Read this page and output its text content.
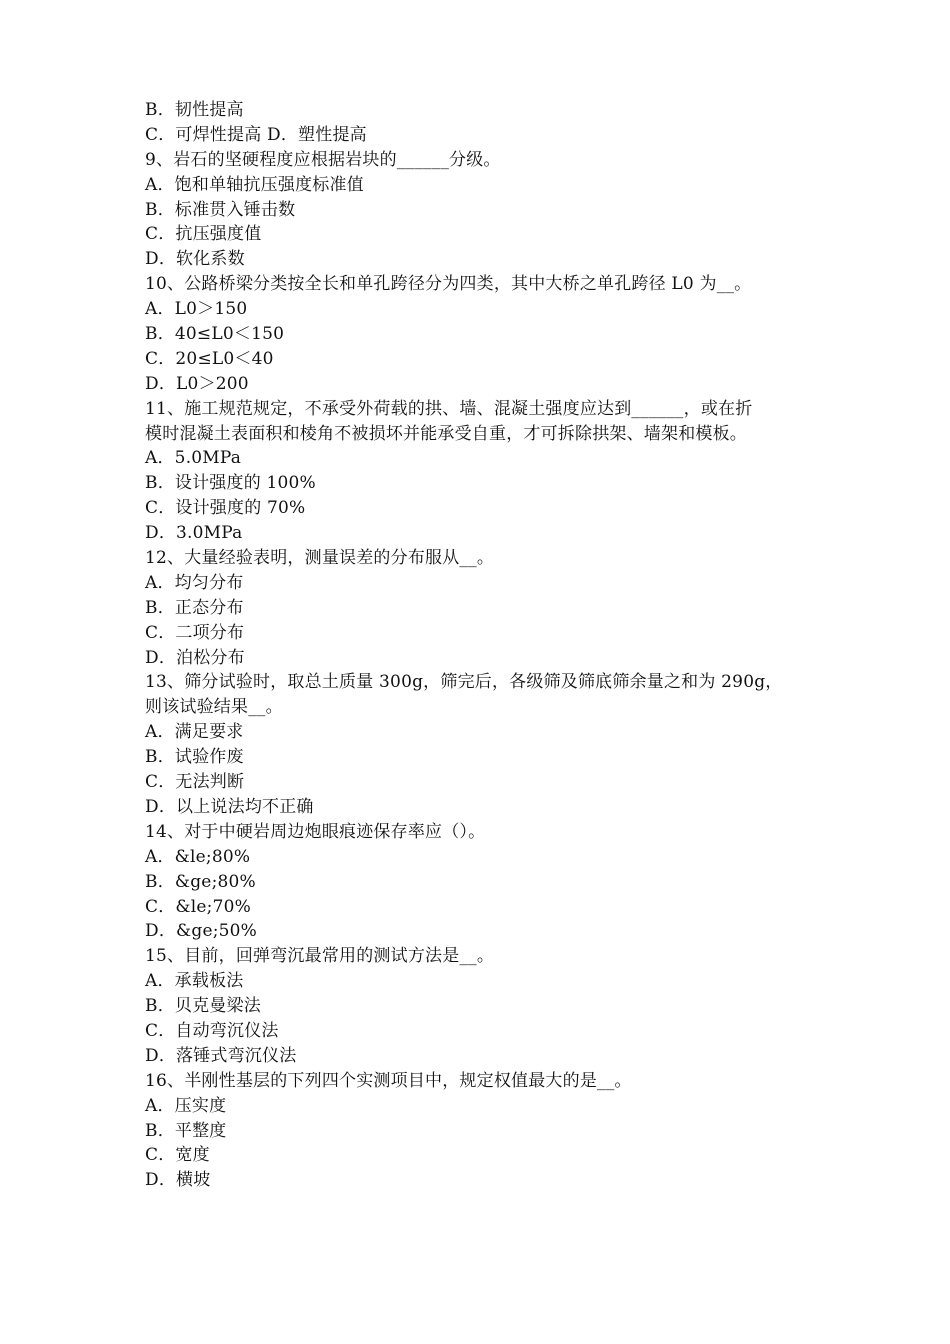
B．韧性提高
C．可焊性提高 D．塑性提高
9、岩石的坚硬程度应根据岩块的______分级。
A．饱和单轴抗压强度标准值
B．标准贯入锤击数
C．抗压强度值
D．软化系数
10、公路桥梁分类按全长和单孔跨径分为四类，其中大桥之单孔跨径 L0 为__。
A．L0＞150
B．40≤L0＜150
C．20≤L0＜40
D．L0＞200
11、施工规范规定，不承受外荷载的拱、墙、混凝土强度应达到______，或在折
模时混凝土表面积和棱角不被损坏并能承受自重，才可拆除拱架、墙架和模板。
A．5.0MPa
B．设计强度的 100%
C．设计强度的 70%
D．3.0MPa
12、大量经验表明，测量误差的分布服从__。
A．均匀分布
B．正态分布
C．二项分布
D．泊松分布
13、筛分试验时，取总土质量 300g，筛完后，各级筛及筛底筛余量之和为 290g，
则该试验结果__。
A．满足要求
B．试验作废
C．无法判断
D．以上说法均不正确
14、对于中硬岩周边炮眼痕迹保存率应（）。
A．&le;80%
B．&ge;80%
C．&le;70%
D．&ge;50%
15、目前，回弹弯沉最常用的测试方法是__。
A．承载板法
B．贝克曼梁法
C．自动弯沉仪法
D．落锤式弯沉仪法
16、半刚性基层的下列四个实测项目中，规定权值最大的是__。
A．压实度
B．平整度
C．宽度
D．横坡
